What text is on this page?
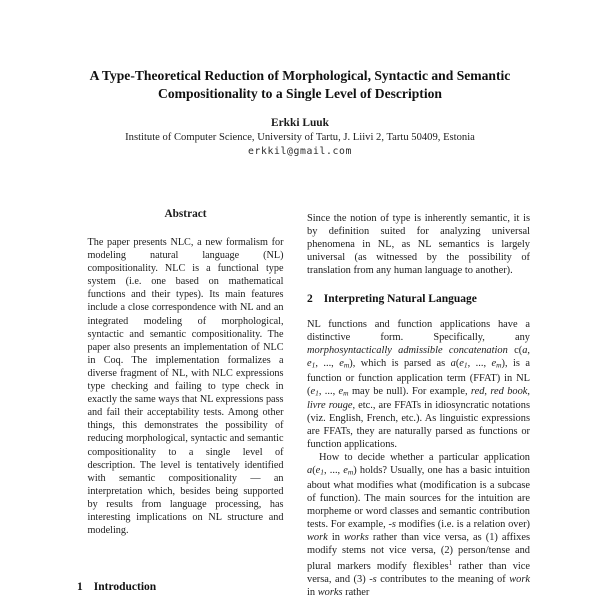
A Type-Theoretical Reduction of Morphological, Syntactic and Semantic
Compositionality to a Single Level of Description
Erkki Luuk
Institute of Computer Science, University of Tartu, J. Liivi 2, Tartu 50409, Estonia
erkkil@gmail.com
Abstract

The paper presents NLC, a new formalism for modeling natural language (NL) compositionality. NLC is a functional type system (i.e. one based on mathematical functions and their types). Its main features include a close correspondence with NL and an integrated modeling of morphological, syntactic and semantic compositionality. The paper also presents an implementation of NLC in Coq. The implementation formalizes a diverse fragment of NL, with NLC expressions type checking and failing to type check in exactly the same ways that NL expressions pass and fail their acceptability tests. Among other things, this demonstrates the possibility of reducing morphological, syntactic and semantic compositionality to a single level of description. The level is tentatively identified with semantic compositionality — an interpretation which, besides being supported by results from language processing, has interesting implications on NL structure and modeling.

1 Introduction

Since the notion of type is inherently semantic, it is by definition suited for analyzing universal phenomena in NL, as NL semantics is largely universal (as witnessed by the possibility of translation from any human language to another).

2 Interpreting Natural Language

NL functions and function applications have a distinctive form. Specifically, any morphosyntactically admissible concatenation c(a, e1, ..., em), which is parsed as a(e1, ..., em), is a function or function application term (FFAT) in NL (e1, ..., em may be null). For example, red, red book, livre rouge, etc., are FFATs in idiosyncratic notations (viz. English, French, etc.). As linguistic expressions are FFATs, they are naturally parsed as functions or function applications.

How to decide whether a particular application a(e1, ..., em) holds? Usually, one has a basic intuition about what modifies what (modification is a subcase of function). The main sources for the intuition are morpheme or word classes and semantic contribution tests. For example, -s modifies (i.e. is a relation over) work in works rather than vice versa, as (1) affixes modify stems not vice versa, (2) person/tense and plural markers modify flexibles$^1$ rather than vice versa, and (3) -s contributes to the meaning of work in works rather
